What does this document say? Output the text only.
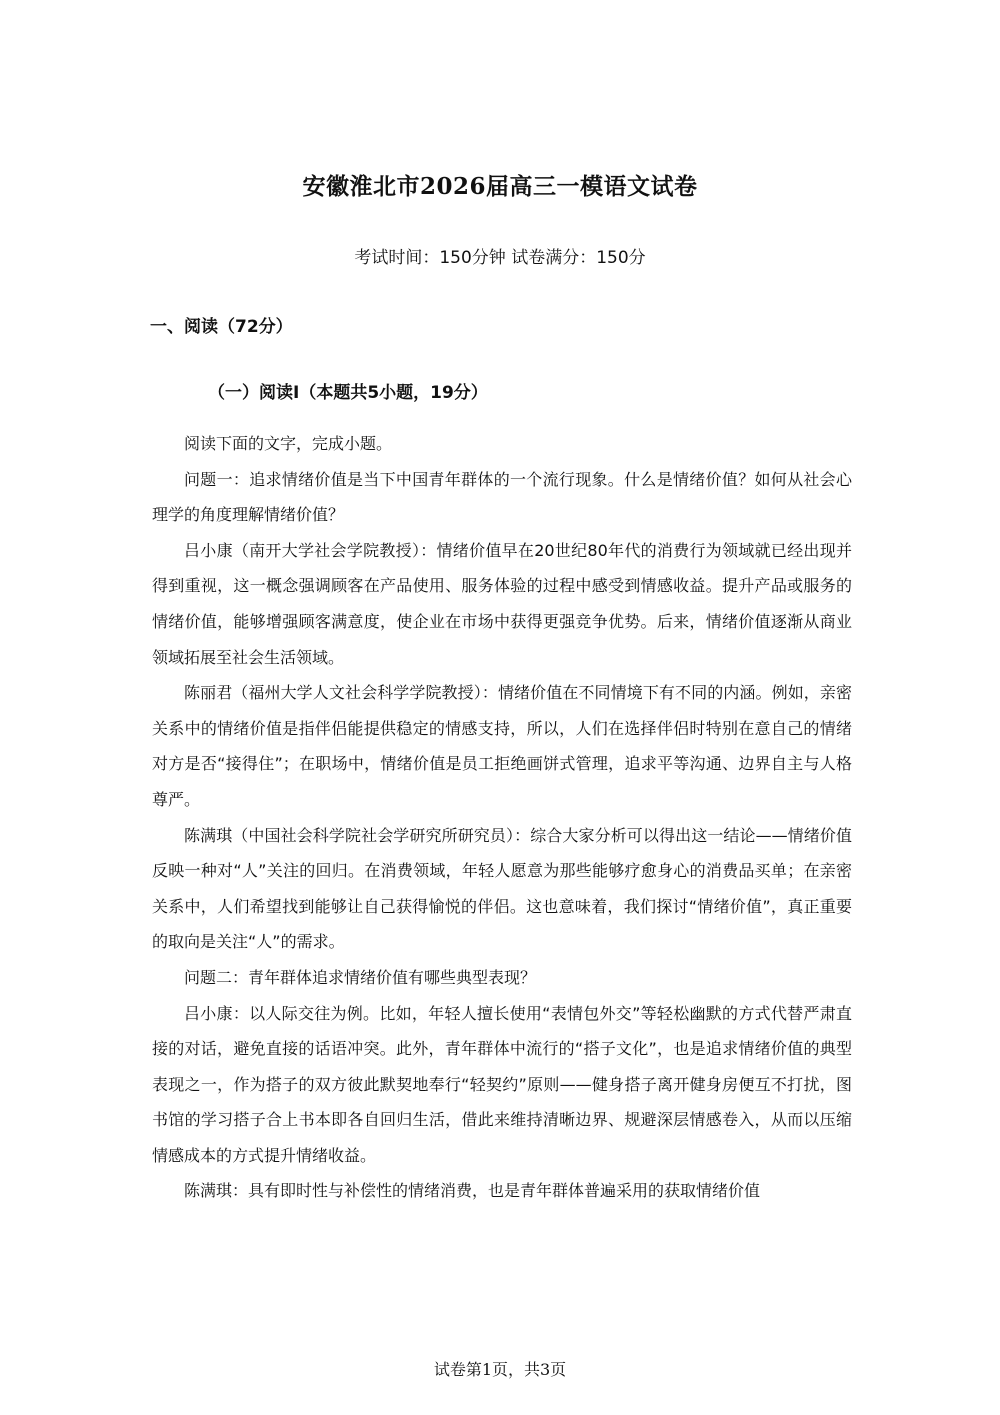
安徽淮北市2026届高三一模语文试卷
考试时间：150分钟 试卷满分：150分
一、阅读（72分）
（一）阅读Ⅰ（本题共5小题，19分）

阅读下面的文字，完成小题。

问题一：追求情绪价值是当下中国青年群体的一个流行现象。什么是情绪价值？如何从社会心理学的角度理解情绪价值？

吕小康（南开大学社会学院教授）：情绪价值早在20世纪80年代的消费行为领域就已经出现并得到重视，这一概念强调顾客在产品使用、服务体验的过程中感受到情感收益。提升产品或服务的情绪价值，能够增强顾客满意度，使企业在市场中获得更强竞争优势。后来，情绪价值逐渐从商业领域拓展至社会生活领域。

陈丽君（福州大学人文社会科学学院教授）：情绪价值在不同情境下有不同的内涵。例如，亲密关系中的情绪价值是指伴侣能提供稳定的情感支持，所以，人们在选择伴侣时特别在意自己的情绪对方是否“接得住”；在职场中，情绪价值是员工拒绝画饼式管理，追求平等沟通、边界自主与人格尊严。

陈满琪（中国社会科学院社会学研究所研究员）：综合大家分析可以得出这一结论——情绪价值反映一种对“人”关注的回归。在消费领域，年轻人愿意为那些能够疗愈身心的消费品买单；在亲密关系中，人们希望找到能够让自己获得愉悦的伴侣。这也意味着，我们探讨“情绪价值”，真正重要的取向是关注“人”的需求。

问题二：青年群体追求情绪价值有哪些典型表现？

吕小康：以人际交往为例。比如，年轻人擅长使用“表情包外交”等轻松幽默的方式代替严肃直接的对话，避免直接的话语冲突。此外，青年群体中流行的“搭子文化”，也是追求情绪价值的典型表现之一，作为搭子的双方彼此默契地奉行“轻契约”原则——健身搭子离开健身房便互不打扰，图书馆的学习搭子合上书本即各自回归生活，借此来维持清晰边界、规避深层情感卷入，从而以压缩情感成本的方式提升情绪收益。

陈满琪：具有即时性与补偿性的情绪消费，也是青年群体普遍采用的获取情绪价值

试卷第1页，共3页
